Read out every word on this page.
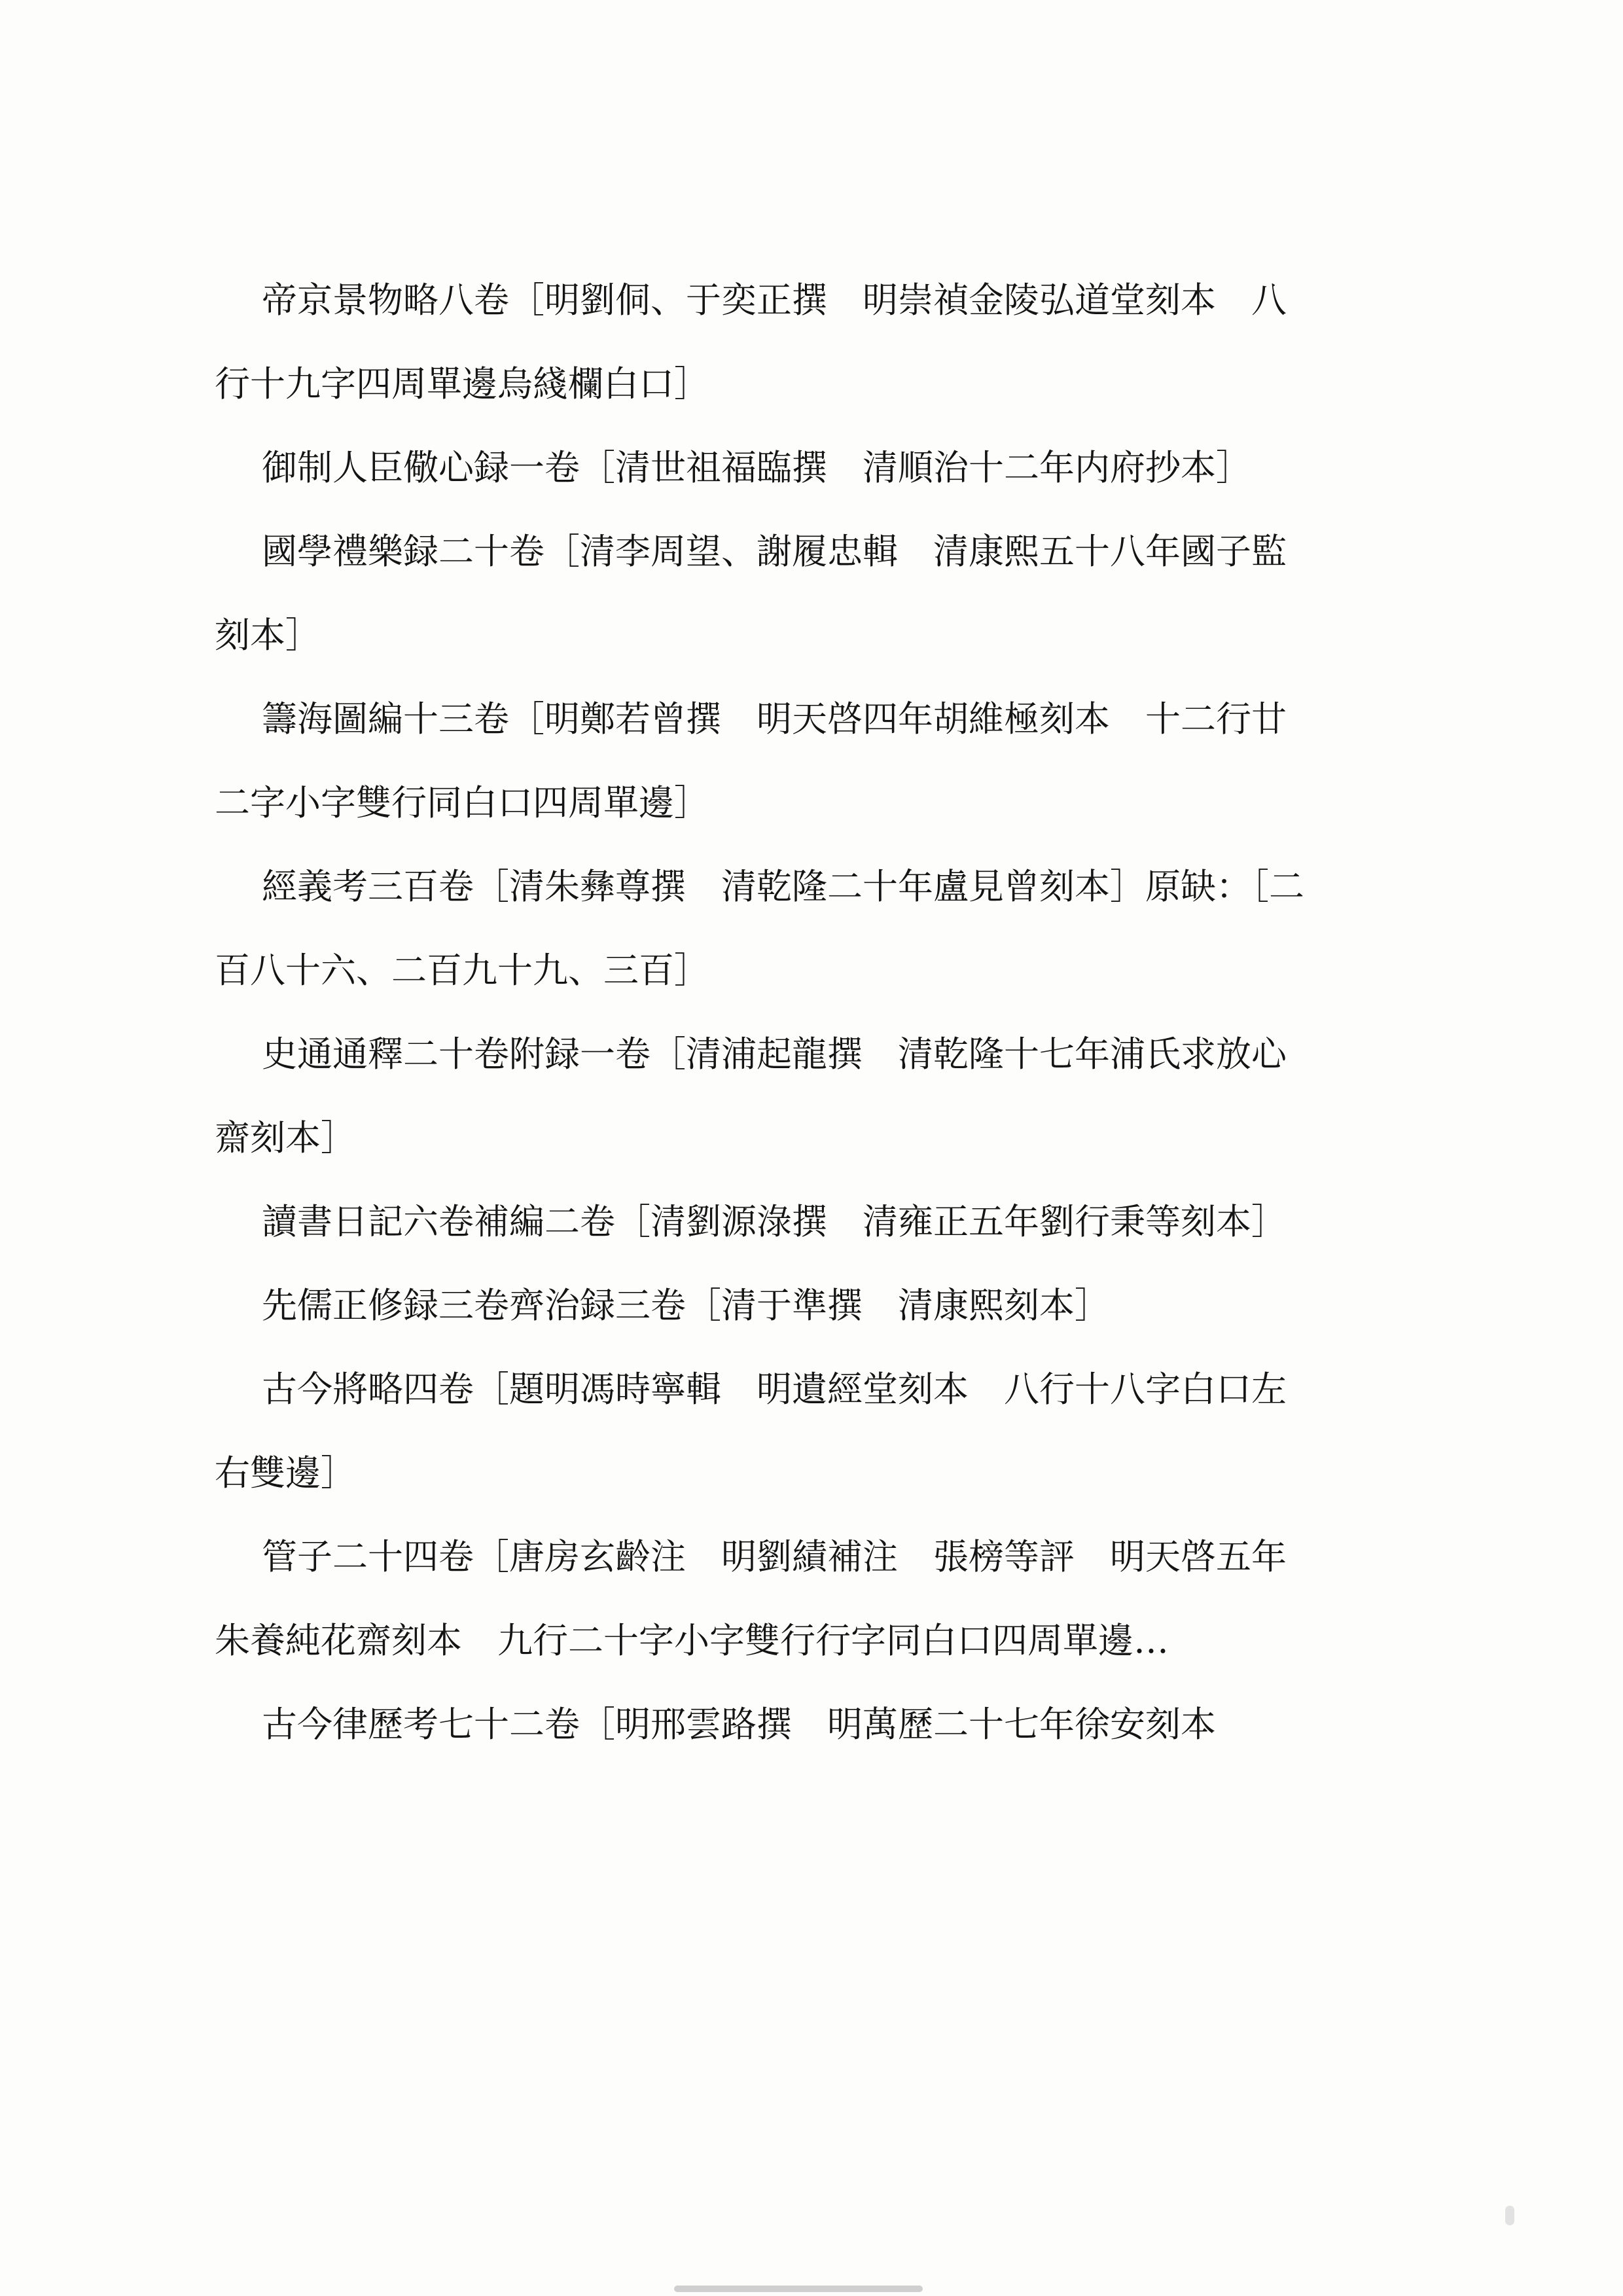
帝京景物略八卷［明劉侗、于奕正撰　明崇禎金陵弘道堂刻本　八行十九字四周單邊烏綫欄白口］

御制人臣儆心録一卷［清世祖福臨撰　清順治十二年内府抄本］

國學禮樂録二十卷［清李周望、謝履忠輯　清康熙五十八年國子監刻本］

籌海圖編十三卷［明鄭若曾撰　明天啓四年胡維極刻本　十二行廿二字小字雙行同白口四周單邊］

經義考三百卷［清朱彝尊撰　清乾隆二十年盧見曾刻本］原缺：［二百八十六、二百九十九、三百］

史通通釋二十卷附録一卷［清浦起龍撰　清乾隆十七年浦氏求放心齋刻本］

讀書日記六卷補編二卷［清劉源淥撰　清雍正五年劉行秉等刻本］

先儒正修録三卷齊治録三卷［清于準撰　清康熙刻本］

古今將略四卷［題明馮時寧輯　明遺經堂刻本　八行十八字白口左右雙邊］

管子二十四卷［唐房玄齡注　明劉績補注　張榜等評　明天啓五年朱養純花齋刻本　九行二十字小字雙行行字同白口四周單邊…

古今律歷考七十二卷［明邢雲路撰　明萬歷二十七年徐安刻本
